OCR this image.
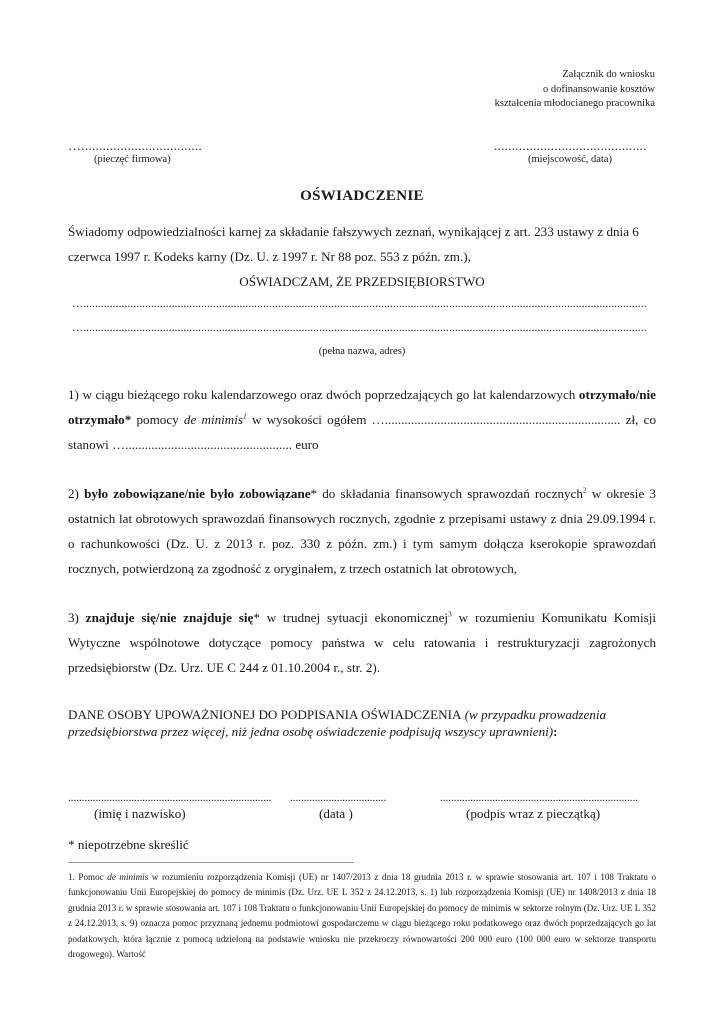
Załącznik do wniosku
o dofinansowanie kosztów
kształcenia młodocianego pracownika
…..................................
(pieczęć firmowa)
...........................................
(miejscowość, data)
OŚWIADCZENIE
Świadomy odpowiedzialności karnej za składanie fałszywych zeznań, wynikającej z art. 233 ustawy z dnia 6 czerwca 1997 r. Kodeks karny (Dz. U. z 1997 r. Nr 88 poz. 553 z późn. zm.),
OŚWIADCZAM, ŻE PRZEDSIĘBIORSTWO
…...............................................................................................................................................................................................
…...............................................................................................................................................................................................
(pełna nazwa, adres)

1) w ciągu bieżącego roku kalendarzowego oraz dwóch poprzedzających go lat kalendarzowych otrzymało/nie otrzymało* pomocy de minimis$^1$ w wysokości ogółem …........................................................................ zł, co stanowi …................................................... euro

2) było zobowiązane/nie było zobowiązane* do składania finansowych sprawozdań rocznych$^2$ w okresie 3 ostatnich lat obrotowych sprawozdań finansowych rocznych, zgodnie z przepisami ustawy z dnia 29.09.1994 r. o rachunkowości (Dz. U. z 2013 r. poz. 330 z późn. zm.) i tym samym dołącza kserokopie sprawozdań rocznych, potwierdzoną za zgodność z oryginałem, z trzech ostatnich lat obrotowych,

3) znajduje się/nie znajduje się* w trudnej sytuacji ekonomicznej$^3$ w rozumieniu Komunikatu Komisji Wytyczne wspólnotowe dotyczące pomocy państwa w celu ratowania i restrukturyzacji zagrożonych przedsiębiorstw (Dz. Urz. UE C 244 z 01.10.2004 r., str. 2).

DANE OSOBY UPOWAŻNIONEJ DO PODPISANIA OŚWIADCZENIA (w przypadku prowadzenia przedsiębiorstwa przez więcej, niż jedna osobę oświadczenie podpisują wszyscy uprawnieni):
..........................................................................
(imię i nazwisko)
...................................
(data )
........................................................................
(podpis wraz z pieczątką)
* niepotrzebne skreślić
1. Pomoc de minimis w rozumieniu rozporządzenia Komisji (UE) nr 1407/2013 z dnia 18 grudnia 2013 r. w sprawie stosowania art. 107 i 108 Traktatu o funkcjonowaniu Unii Europejskiej do pomocy de minimis (Dz. Urz. UE L 352 z 24.12.2013, s. 1) lub rozporządzenia Komisji (UE) nr 1408/2013 z dnia 18 grudnia 2013 r. w sprawie stosowania art. 107 i 108 Traktatu o funkcjonowaniu Unii Europejskiej do pomocy de minimis w sektorze rolnym (Dz. Urz. UE L 352 z 24.12.2013, s. 9) oznacza pomoc przyznaną jednemu podmiotowi gospodarczemu w ciągu bieżącego roku podatkowego oraz dwóch poprzedzających go lat podatkowych, która łącznie z pomocą udzieloną na podstawie wniosku nie przekroczy równowartości 200 000 euro (100 000 euro w sektorze transportu drogowego). Wartość
